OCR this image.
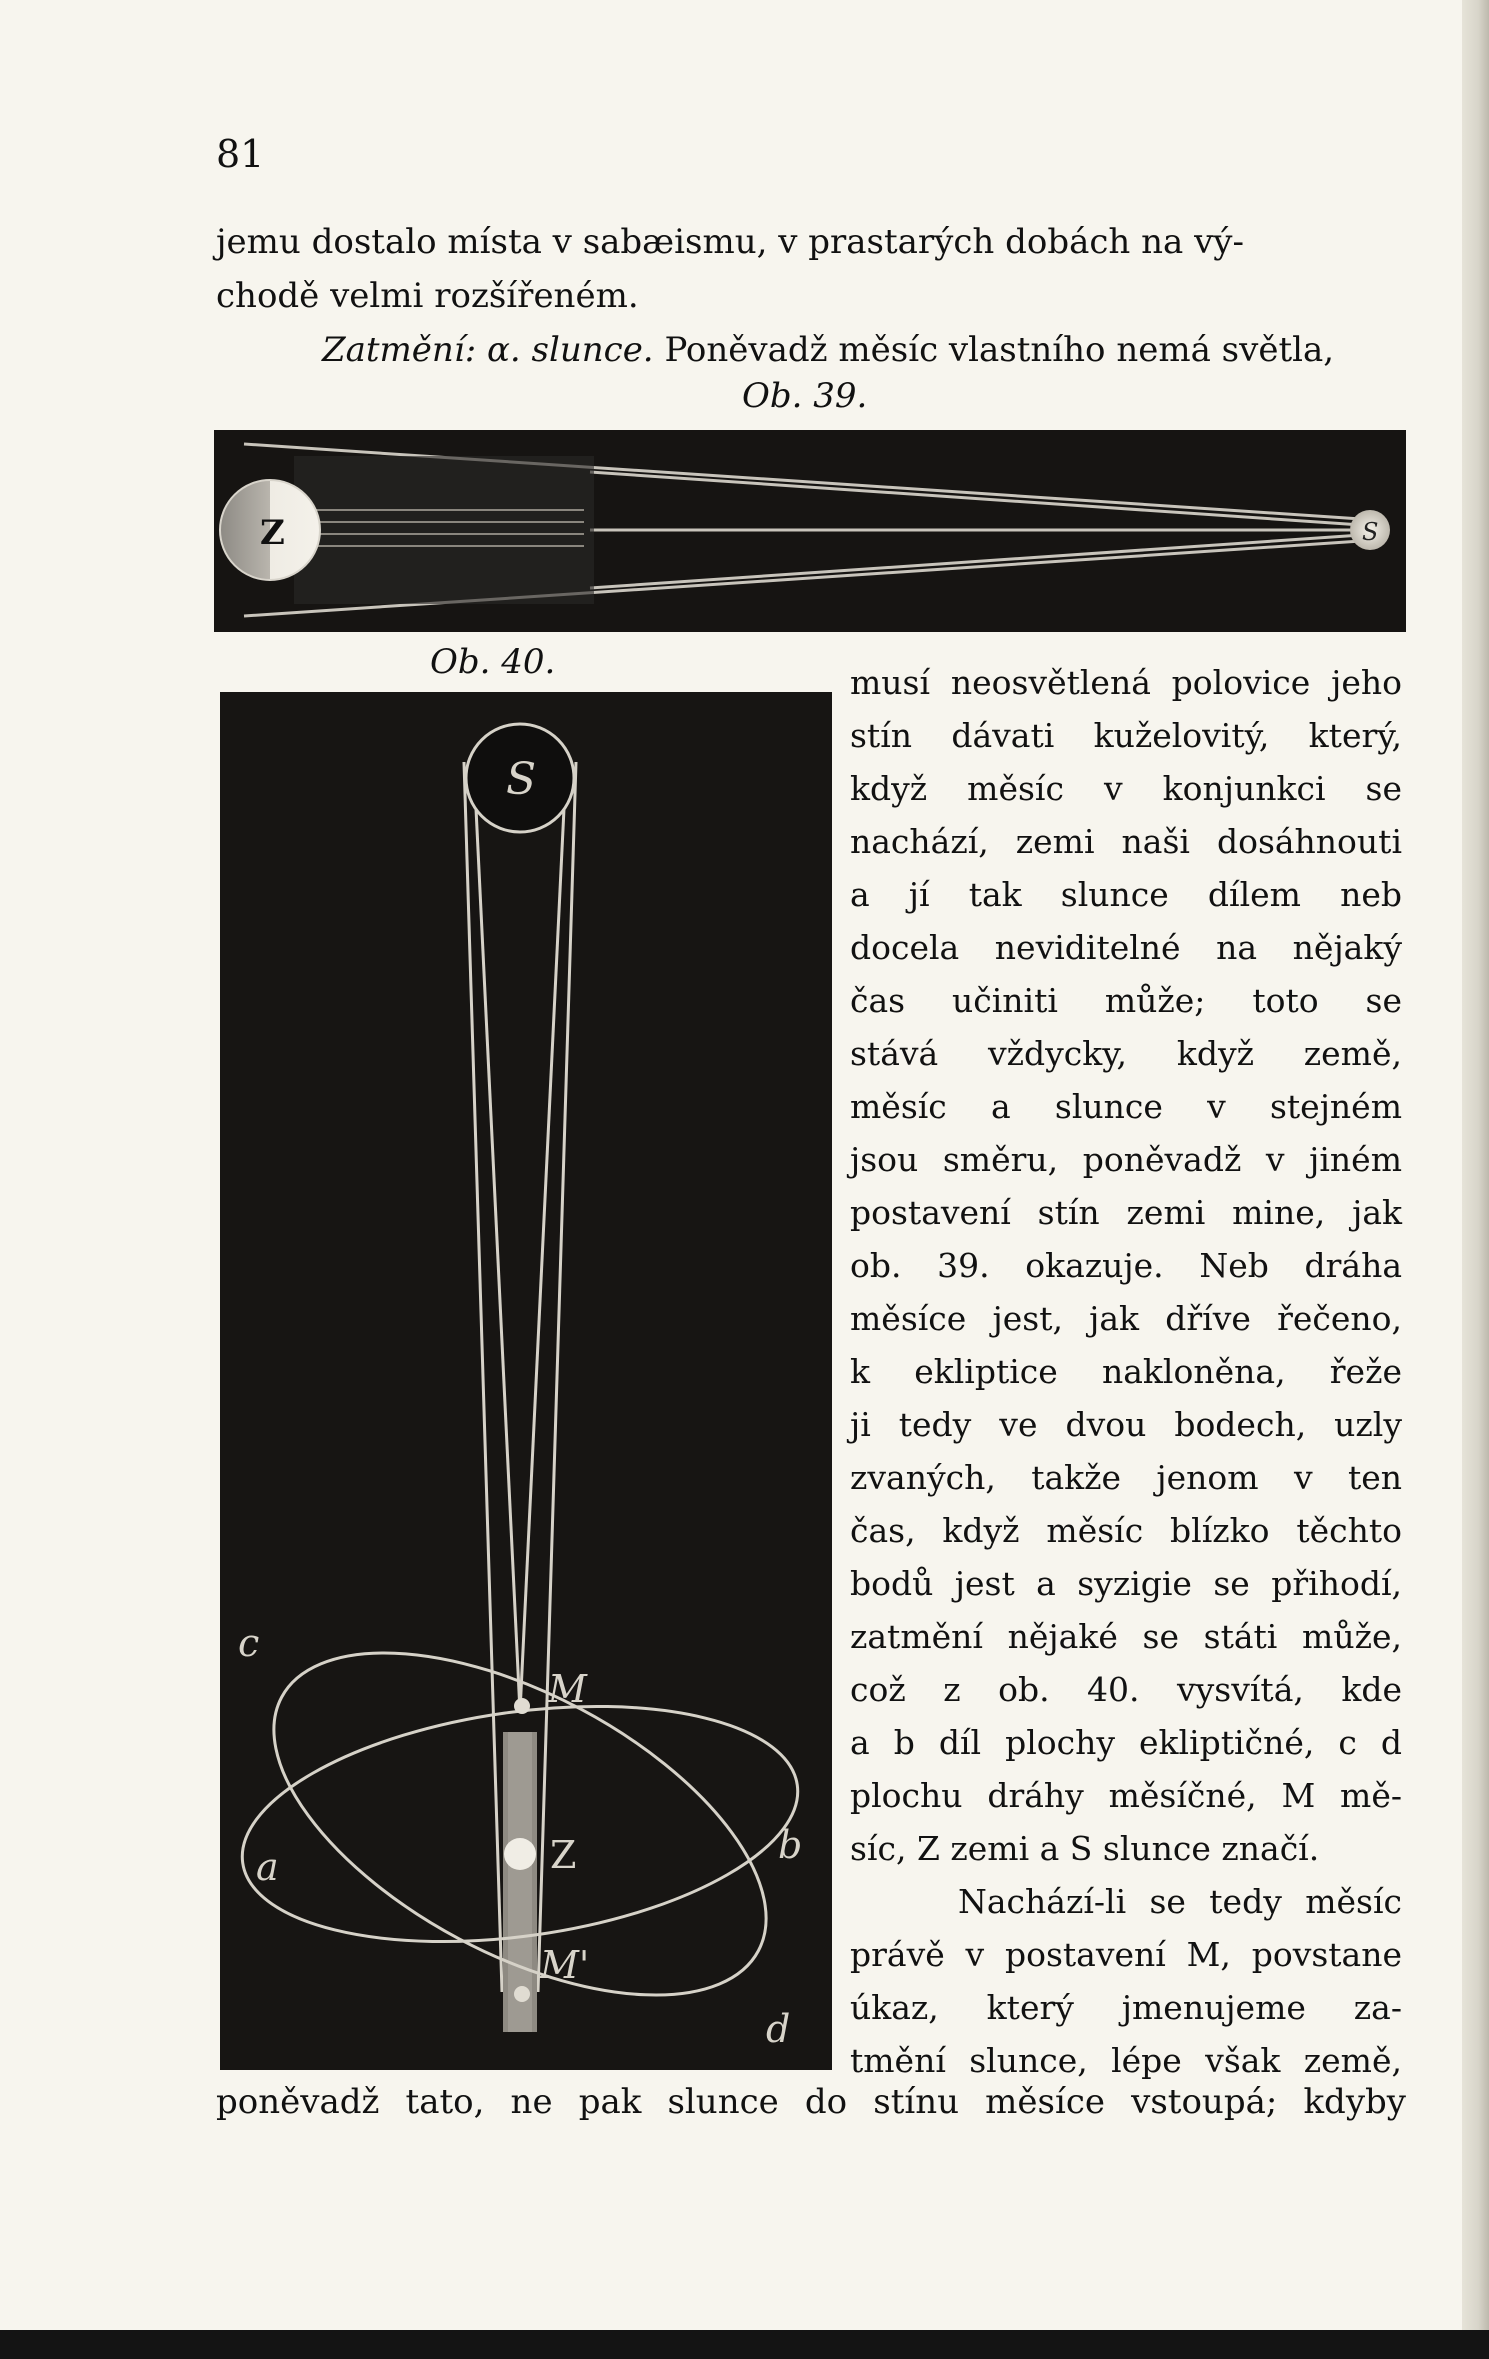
81
jemu dostalo místa v sabæismu, v prastarých dobách na vý-
chodě velmi rozšířeném.
Zatmění: α. slunce. Poněvadž měsíc vlastního nemá světla,
Ob. 39.
Z	S
Ob. 40.
S
M
Z
M'
a	b
c
d
musí neosvětlená polovice jeho
stín dávati kuželovitý, který,
když měsíc v konjunkci se
nachází, zemi naši dosáhnouti
a jí tak slunce dílem neb
docela neviditelné na nějaký
čas učiniti může; toto se
stává vždycky, když země,
měsíc a slunce v stejném
jsou směru, poněvadž v jiném
postavení stín zemi mine, jak
ob. 39. okazuje. Neb dráha
měsíce jest, jak dříve řečeno,
k ekliptice nakloněna, řeže
ji tedy ve dvou bodech, uzly
zvaných, takže jenom v ten
čas, když měsíc blízko těchto
bodů jest a syzigie se přihodí,
zatmění nějaké se státi může,
což z ob. 40. vysvítá, kde
a b díl plochy ekliptičné, c d
plochu dráhy měsíčné, M mě-
síc, Z zemi a S slunce značí.
Nachází-li se tedy měsíc
právě v postavení M, povstane
úkaz, který jmenujeme za-
tmění slunce, lépe však země,
poněvadž tato, ne pak slunce do stínu měsíce vstoupá; kdyby
